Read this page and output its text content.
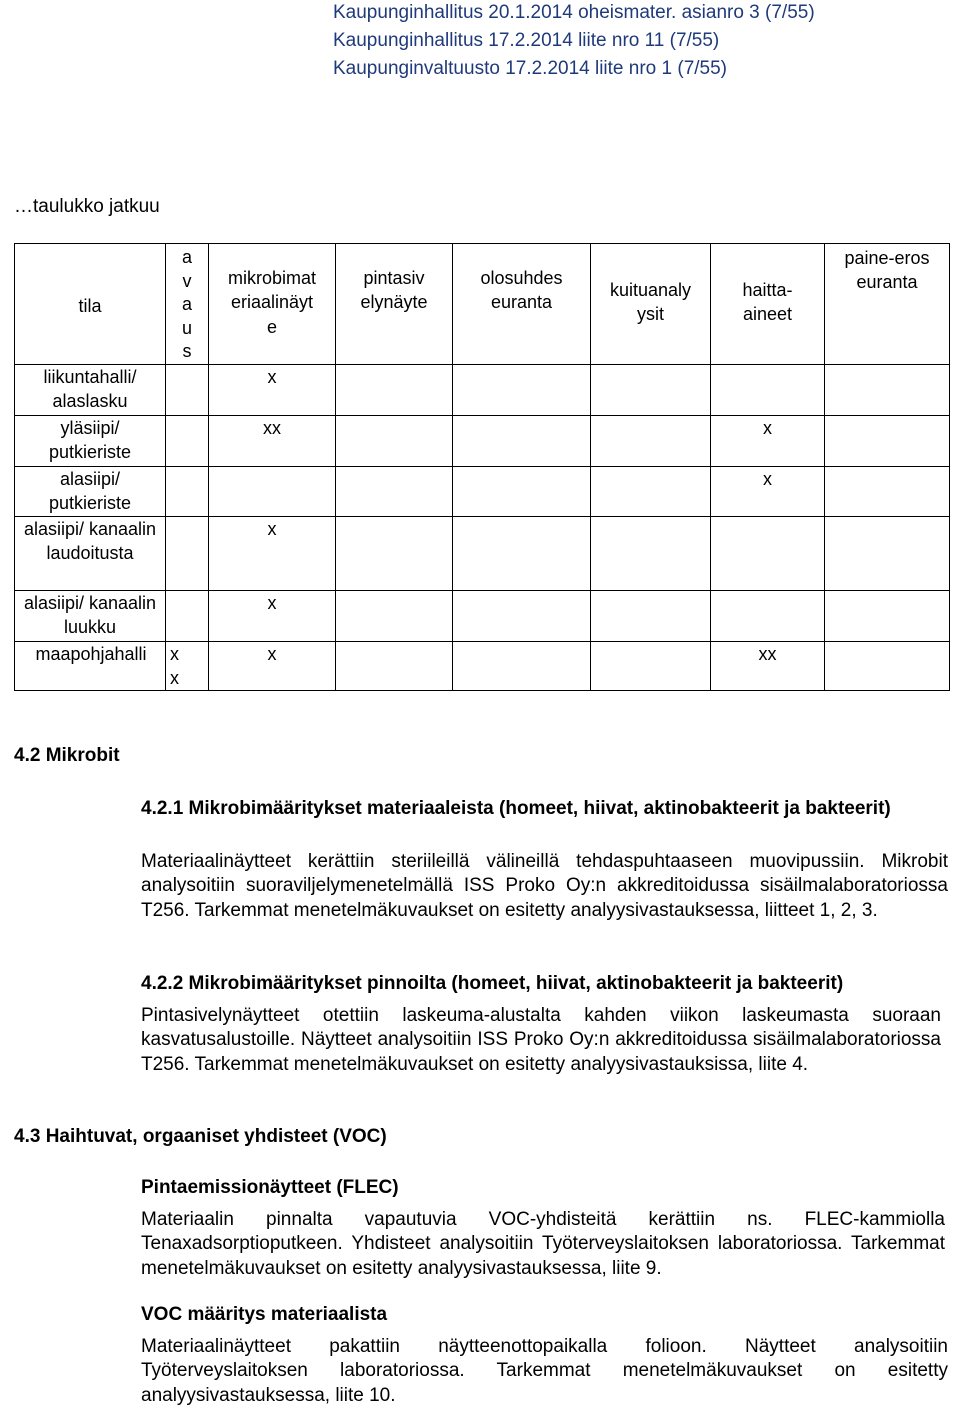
Kaupunginhallitus 20.1.2014 oheismater. asianro 3 (7/55)
Kaupunginhallitus 17.2.2014 liite nro 11 (7/55)
Kaupunginvaltuusto 17.2.2014 liite nro 1 (7/55)
…taulukko jatkuu
tila	avaus	mikrobimateriaalinäyte	pintasivelynäyte	olosuhdeseuranta	kuituanalyysit	haitta-aineet	paine-eroseuranta

liikuntahalli/ alaslasku		x					
yläsiipi/ putkieriste		xx				x	
alasiipi/ putkieriste						x	
alasiipi/ kanaalin laudoitusta		x					
alasiipi/ kanaalin luukku		x					
maapohjahalli	x x	x				xx	
4.2 Mikrobit
4.2.1 Mikrobimääritykset materiaaleista (homeet, hiivat, aktinobakteerit ja bakteerit)
Materiaalinäytteet kerättiin steriileillä välineillä tehdaspuhtaaseen muovipussiin. Mikrobit analysoitiin suoraviljelymenetelmällä ISS Proko Oy:n akkreditoidussa sisäilmalaboratoriossa T256. Tarkemmat menetelmäkuvaukset on esitetty analyysivastauksessa, liitteet 1, 2, 3.
4.2.2 Mikrobimääritykset pinnoilta (homeet, hiivat, aktinobakteerit ja bakteerit)
Pintasivelynäytteet otettiin laskeuma-alustalta kahden viikon laskeumasta suoraan kasvatusalustoille. Näytteet analysoitiin ISS Proko Oy:n akkreditoidussa sisäilmalaboratoriossa T256. Tarkemmat menetelmäkuvaukset on esitetty analyysivastauksissa, liite 4.
4.3 Haihtuvat, orgaaniset yhdisteet (VOC)
Pintaemissionäytteet (FLEC)
Materiaalin pinnalta vapautuvia VOC-yhdisteitä kerättiin ns. FLEC-kammiolla Tenaxadsorptioputkeen. Yhdisteet analysoitiin Työterveyslaitoksen laboratoriossa. Tarkemmat menetelmäkuvaukset on esitetty analyysivastauksessa, liite 9.
VOC määritys materiaalista
Materiaalinäytteet pakattiin näytteenottopaikalla folioon. Näytteet analysoitiin Työterveyslaitoksen laboratoriossa. Tarkemmat menetelmäkuvaukset on esitetty analyysivastauksessa, liite 10.
